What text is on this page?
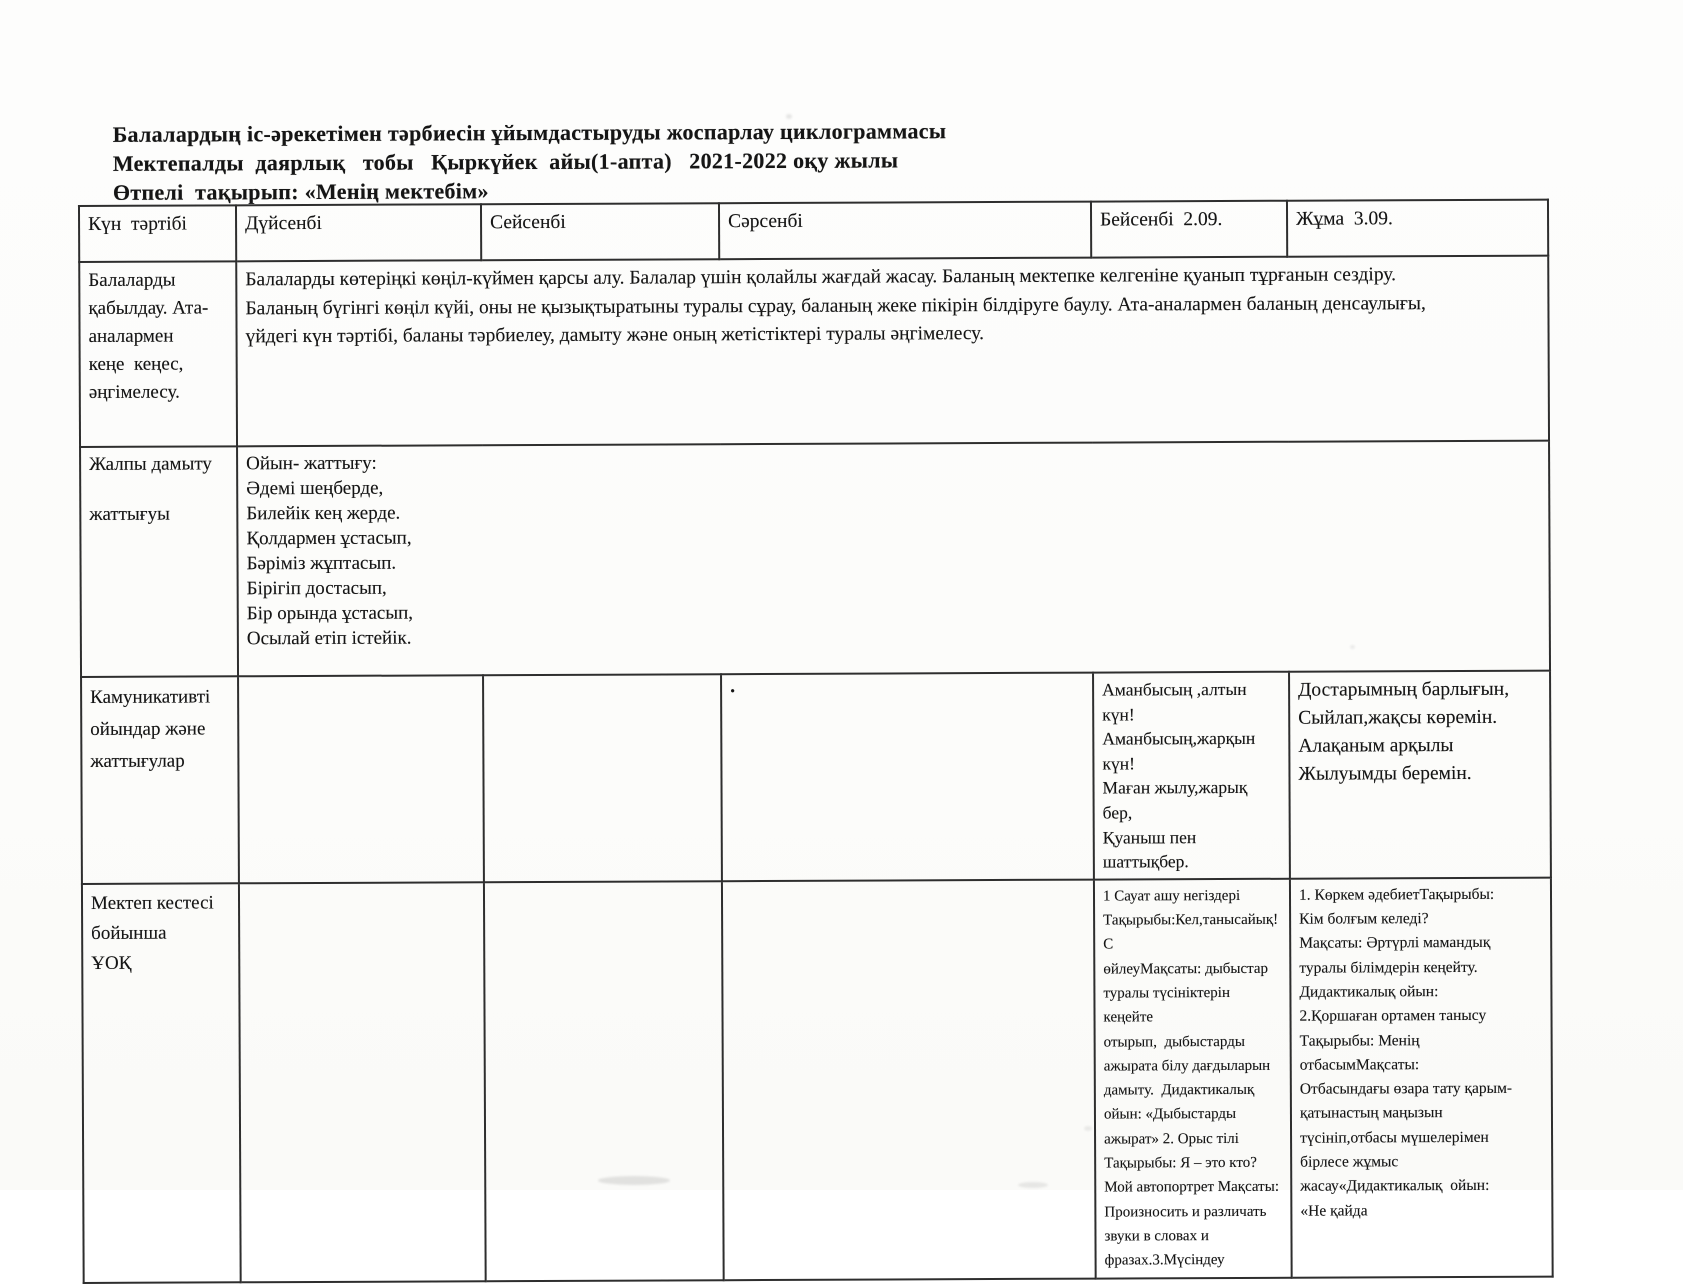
Балалардың іс-әрекетімен тәрбиесін ұйымдастыруды жоспарлау циклограммасы
Мектепалды  даярлық   тобы   Қыркүйек  айы(1-апта)   2021-2022 оқу жылы
Өтпелі  тақырып: «Менің мектебім»
Күн  тәртібі	Дүйсенбі	Сейсенбі	Сәрсенбі	Бейсенбі  2.09.	Жұма  3.09.
Балаларды
қабылдау. Ата-
аналармен
кеңе  кеңес,
әңгімелесу.	Балаларды көтеріңкі көңіл-күймен қарсы алу. Балалар үшін қолайлы жағдай жасау. Баланың мектепке келгеніне қуанып тұрғанын сездіру.
Баланың бүгінгі көңіл күйі, оны не қызықтыратыны туралы сұрау, баланың жеке пікірін білдіруге баулу. Ата-аналармен баланың денсаулығы,
үйдегі күн тәртібі, баланы тәрбиелеу, дамыту және оның жетістіктері туралы әңгімелесу.
Жалпы дамыту

жаттығуы	Ойын- жаттығу:
Әдемі шеңберде,
Билейік кең жерде.
Қолдармен ұстасып,
Бәріміз жұптасып.
Бірігіп достасып,
Бір орында ұстасып,
Осылай етіп істейік.
Камуникативті
ойындар және
жаттығулар			.	Аманбысың ,алтын күн!
Аманбысың,жарқын күн!
Маған жылу,жарық бер,
Қуаныш пен шаттықбер.	Достарымның барлығын,
Сыйлап,жақсы көремін.
Алақаным арқылы
Жылуымды беремін.
Мектеп кестесі
бойынша
ҰОҚ				1 Сауат ашу негіздері
Тақырыбы:Кел,танысайық!С
өйлеуМақсаты: дыбыстар
туралы түсініктерін кеңейте
отырып,  дыбыстарды
ажырата білу дағдыларын
дамыту.  Дидактикалық
ойын: «Дыбыстарды
ажырат» 2. Орыс тілі
Тақырыбы: Я – это кто?
Мой автопортрет Мақсаты:
Произносить и различать
звуки в словах и
фразах.3.Мүсіндеу	1. Көркем әдебиетТақырыбы:
Кім болғым келеді?
Мақсаты: Әртүрлі мамандық
туралы білімдерін кеңейту.
Дидактикалық ойын:
2.Қоршаған ортамен танысу
Тақырыбы: Менің
отбасымМақсаты:
Отбасындағы өзара тату қарым-
қатынастың маңызын
түсініп,отбасы мүшелерімен
бірлесе жұмыс
жасау«Дидактикалық  ойын:
«Не қайда
